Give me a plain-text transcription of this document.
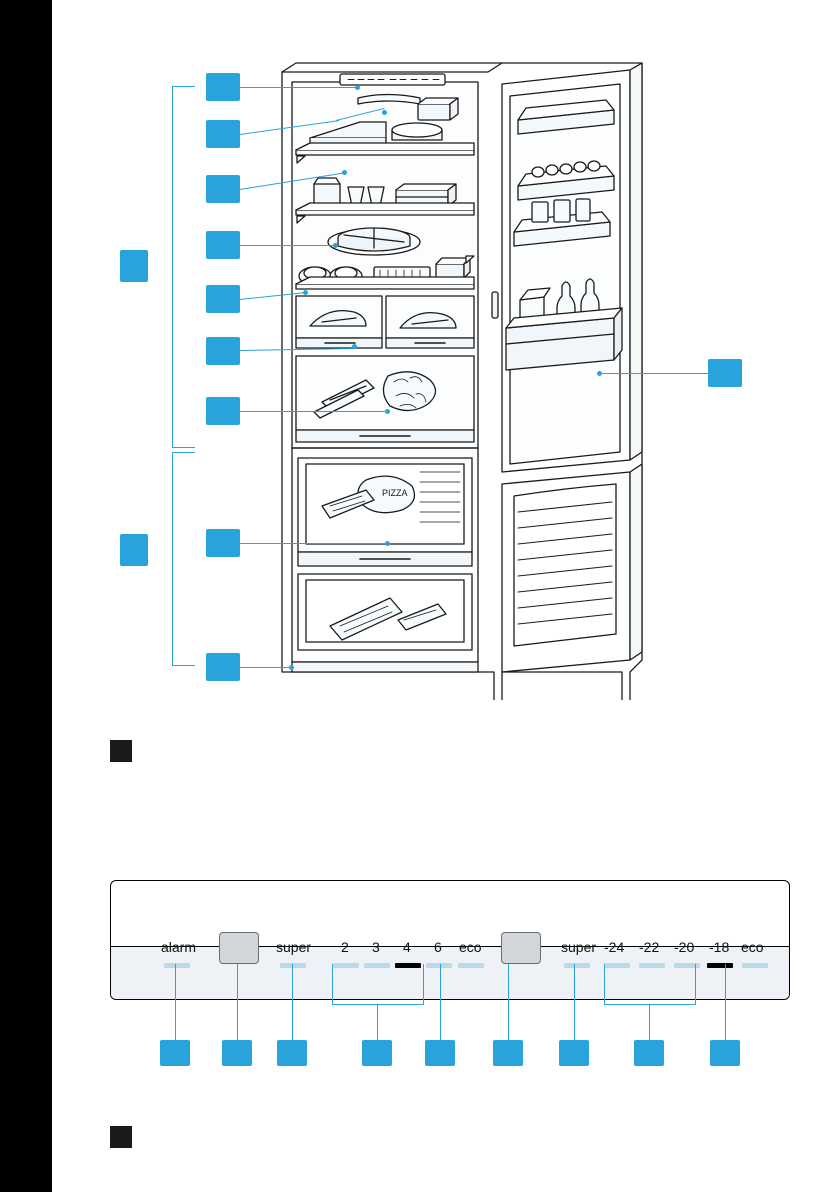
PIZZA
alarm	super 2 3 4 6 eco	super -24 -22 -20 -18 eco
